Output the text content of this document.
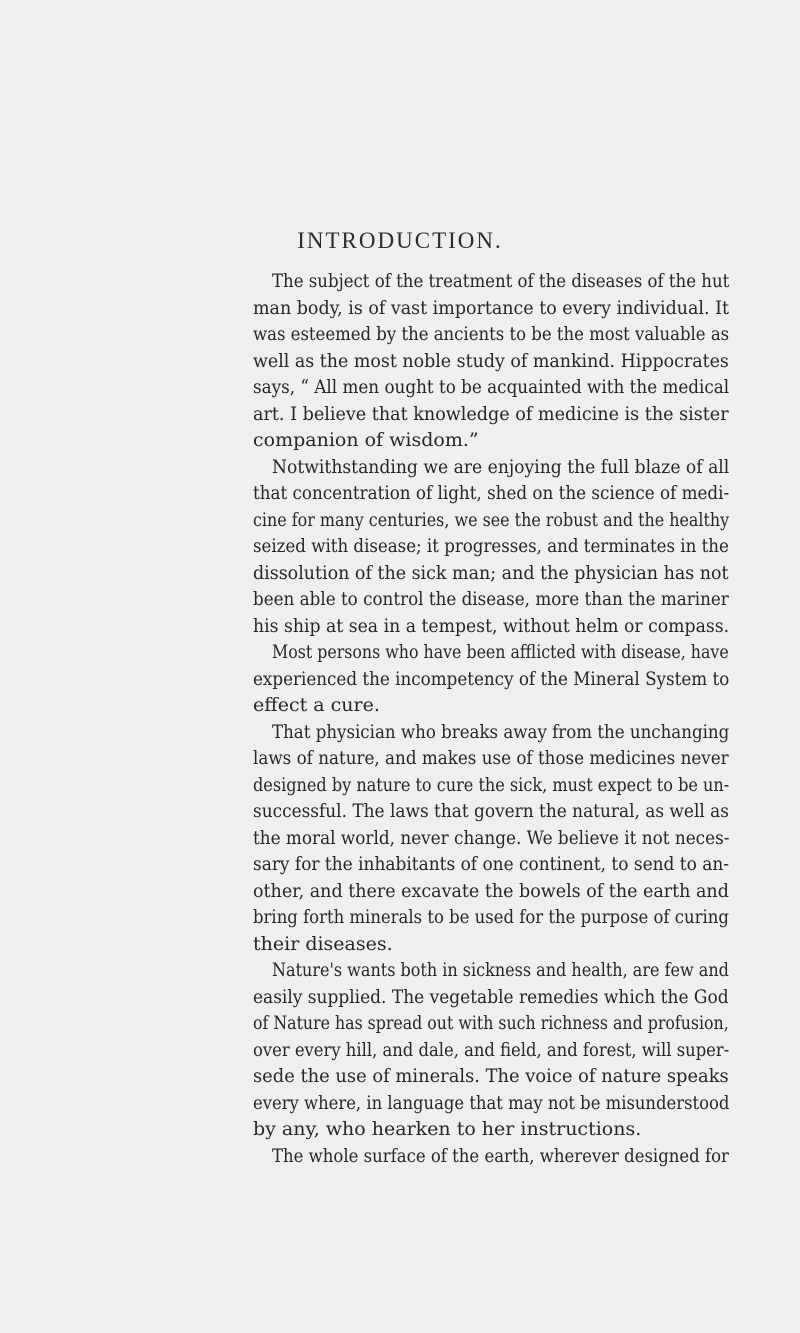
INTRODUCTION.
The subject of the treatment of the diseases of the hut
man body, is of vast importance to every individual. It
was esteemed by the ancients to be the most valuable as
well as the most noble study of mankind. Hippocrates
says, “ All men ought to be acquainted with the medical
art. I believe that knowledge of medicine is the sister
companion of wisdom.”
Notwithstanding we are enjoying the full blaze of all
that concentration of light, shed on the science of medi-
cine for many centuries, we see the robust and the healthy
seized with disease; it progresses, and terminates in the
dissolution of the sick man; and the physician has not
been able to control the disease, more than the mariner
his ship at sea in a tempest, without helm or compass.
Most persons who have been afflicted with disease, have
experienced the incompetency of the Mineral System to
effect a cure.
That physician who breaks away from the unchanging
laws of nature, and makes use of those medicines never
designed by nature to cure the sick, must expect to be un-
successful. The laws that govern the natural, as well as
the moral world, never change. We believe it not neces-
sary for the inhabitants of one continent, to send to an-
other, and there excavate the bowels of the earth and
bring forth minerals to be used for the purpose of curing
their diseases.
Nature's wants both in sickness and health, are few and
easily supplied. The vegetable remedies which the God
of Nature has spread out with such richness and profusion,
over every hill, and dale, and field, and forest, will super-
sede the use of minerals. The voice of nature speaks
every where, in language that may not be misunderstood
by any, who hearken to her instructions.
The whole surface of the earth, wherever designed for
